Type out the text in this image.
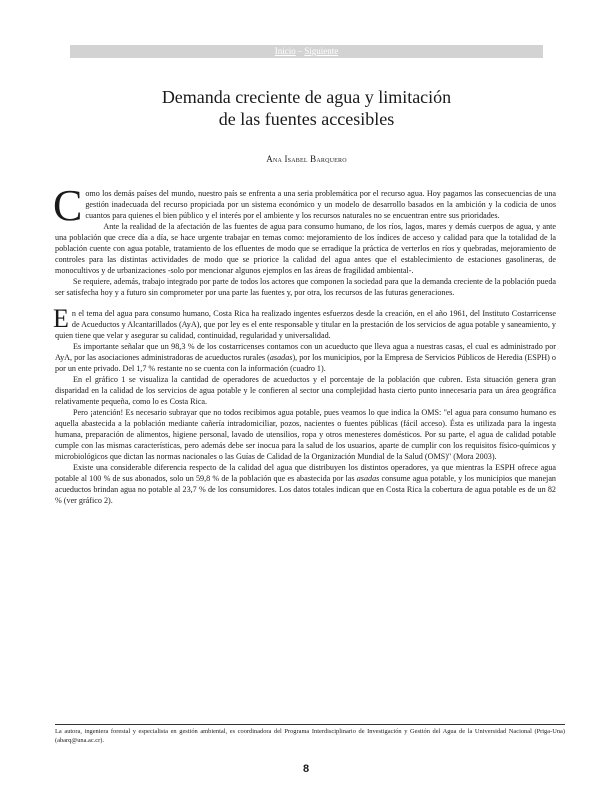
Inicio – Siguiente
Demanda creciente de agua y limitación
de las fuentes accesibles
Ana Isabel Barquero

Como los demás países del mundo, nuestro país se enfrenta a una seria problemática por el recurso agua. Hoy pagamos las consecuencias de una gestión inadecuada del recurso propiciada por un sistema económico y un modelo de desarrollo basados en la ambición y la codicia de unos cuantos para quienes el bien público y el interés por el ambiente y los recursos naturales no se encuentran entre sus prioridades.

Ante la realidad de la afectación de las fuentes de agua para consumo humano, de los ríos, lagos, mares y demás cuerpos de agua, y ante una población que crece día a día, se hace urgente trabajar en temas como: mejoramiento de los índices de acceso y calidad para que la totalidad de la población cuente con agua potable, tratamiento de los efluentes de modo que se erradique la práctica de verterlos en ríos y quebradas, mejoramiento de controles para las distintas actividades de modo que se priorice la calidad del agua antes que el establecimiento de estaciones gasolineras, de monocultivos y de urbanizaciones -solo por mencionar algunos ejemplos en las áreas de fragilidad ambiental-.

Se requiere, además, trabajo integrado por parte de todos los actores que componen la sociedad para que la demanda creciente de la población pueda ser satisfecha hoy y a futuro sin comprometer por una parte las fuentes y, por otra, los recursos de las futuras generaciones.

En el tema del agua para consumo humano, Costa Rica ha realizado ingentes esfuerzos desde la creación, en el año 1961, del Instituto Costarricense de Acueductos y Alcantarillados (AyA), que por ley es el ente responsable y titular en la prestación de los servicios de agua potable y saneamiento, y quien tiene que velar y asegurar su calidad, continuidad, regularidad y universalidad.

Es importante señalar que un 98,3 % de los costarricenses contamos con un acueducto que lleva agua a nuestras casas, el cual es administrado por AyA, por las asociaciones administradoras de acueductos rurales (asadas), por los municipios, por la Empresa de Servicios Públicos de Heredia (ESPH) o por un ente privado. Del 1,7 % restante no se cuenta con la información (cuadro 1).

En el gráfico 1 se visualiza la cantidad de operadores de acueductos y el porcentaje de la población que cubren. Esta situación genera gran disparidad en la calidad de los servicios de agua potable y le confieren al sector una complejidad hasta cierto punto innecesaria para un área geográfica relativamente pequeña, como lo es Costa Rica.

Pero ¡atención! Es necesario subrayar que no todos recibimos agua potable, pues veamos lo que indica la OMS: "el agua para consumo humano es aquella abastecida a la población mediante cañería intradomiciliar, pozos, nacientes o fuentes públicas (fácil acceso). Ésta es utilizada para la ingesta humana, preparación de alimentos, higiene personal, lavado de utensilios, ropa y otros menesteres domésticos. Por su parte, el agua de calidad potable cumple con las mismas características, pero además debe ser inocua para la salud de los usuarios, aparte de cumplir con los requisitos físico-químicos y microbiológicos que dictan las normas nacionales o las Guías de Calidad de la Organización Mundial de la Salud (OMS)" (Mora 2003).

Existe una considerable diferencia respecto de la calidad del agua que distribuyen los distintos operadores, ya que mientras la ESPH ofrece agua potable al 100 % de sus abonados, solo un 59,8 % de la población que es abastecida por las asadas consume agua potable, y los municipios que manejan acueductos brindan agua no potable al 23,7 % de los consumidores. Los datos totales indican que en Costa Rica la cobertura de agua potable es de un 82 % (ver gráfico 2).

La autora, ingeniera forestal y especialista en gestión ambiental, es coordinadora del Programa Interdisciplinario de Investigación y Gestión del Agua de la Universidad Nacional (Priga-Una) (abarq@una.ac.cr).
8
